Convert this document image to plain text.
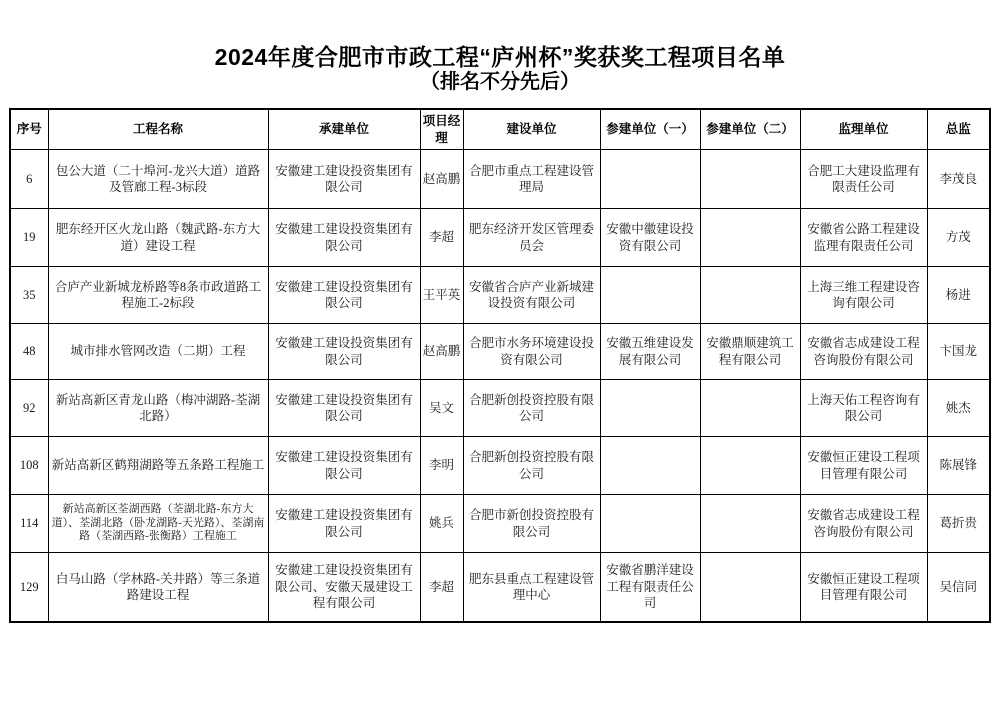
2024年度合肥市市政工程“庐州杯”奖获奖工程项目名单
（排名不分先后）
序号	工程名称	承建单位	项目经理	建设单位	参建单位（一）	参建单位（二）	监理单位	总监
6	包公大道（二十埠河-龙兴大道）道路及管廊工程-3标段	安徽建工建设投资集团有限公司	赵高鹏	合肥市重点工程建设管理局			合肥工大建设监理有限责任公司	李茂良
19	肥东经开区火龙山路（魏武路-东方大道）建设工程	安徽建工建设投资集团有限公司	李超	肥东经济开发区管理委员会	安徽中徽建设投资有限公司		安徽省公路工程建设监理有限责任公司	方茂
35	合庐产业新城龙桥路等8条市政道路工程施工-2标段	安徽建工建设投资集团有限公司	王平英	安徽省合庐产业新城建设投资有限公司			上海三维工程建设咨询有限公司	杨进
48	城市排水管网改造（二期）工程	安徽建工建设投资集团有限公司	赵高鹏	合肥市水务环境建设投资有限公司	安徽五维建设发展有限公司	安徽鼎顺建筑工程有限公司	安徽省志成建设工程咨询股份有限公司	卞国龙
92	新站高新区青龙山路（梅冲湖路-荃湖北路）	安徽建工建设投资集团有限公司	吴文	合肥新创投资控股有限公司			上海天佑工程咨询有限公司	姚杰
108	新站高新区鹤翔湖路等五条路工程施工	安徽建工建设投资集团有限公司	李明	合肥新创投资控股有限公司			安徽恒正建设工程项目管理有限公司	陈展锋
114	新站高新区荃湖西路（荃湖北路-东方大道）、荃湖北路（卧龙湖路-天光路）、荃湖南路（荃湖西路-张衡路）工程施工	安徽建工建设投资集团有限公司	姚兵	合肥市新创投资控股有限公司			安徽省志成建设工程咨询股份有限公司	葛折贵
129	白马山路（学林路-关井路）等三条道路建设工程	安徽建工建设投资集团有限公司、安徽天晟建设工程有限公司	李超	肥东县重点工程建设管理中心	安徽省鹏洋建设工程有限责任公司		安徽恒正建设工程项目管理有限公司	吴信同
